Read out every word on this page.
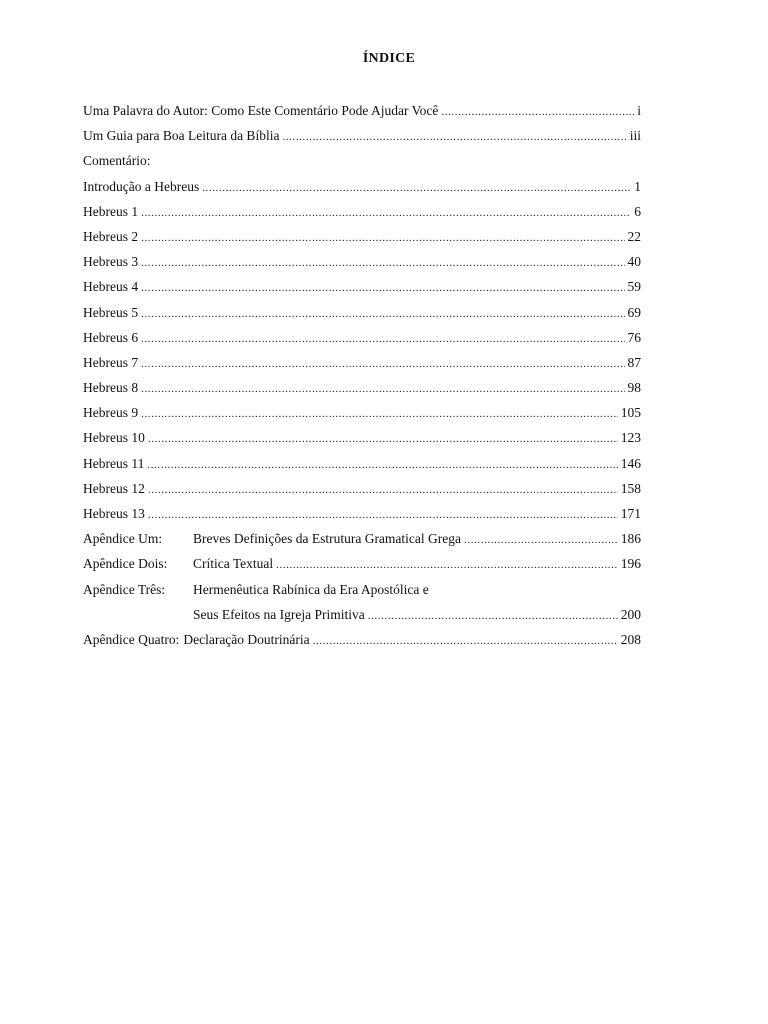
ÍNDICE
Uma Palavra do Autor: Como Este Comentário Pode Ajudar Você .....	i
Um Guia para Boa Leitura da Bíblia .....	iii
Comentário:
Introdução a Hebreus .....	1
Hebreus 1 .....	6
Hebreus 2 .....	22
Hebreus 3 .....	40
Hebreus 4 .....	59
Hebreus 5 .....	69
Hebreus 6 .....	76
Hebreus 7 .....	87
Hebreus 8 .....	98
Hebreus 9 .....	105
Hebreus 10 .....	123
Hebreus 11 .....	146
Hebreus 12 .....	158
Hebreus 13 .....	171
Apêndice Um:	Breves Definições da Estrutura Gramatical Grega .....	186
Apêndice Dois:	Crítica Textual .....	196
Apêndice Três:	Hermenêutica Rabínica da Era Apostólica e
Seus Efeitos na Igreja Primitiva .....	200
Apêndice Quatro: Declaração Doutrinária .....	208
